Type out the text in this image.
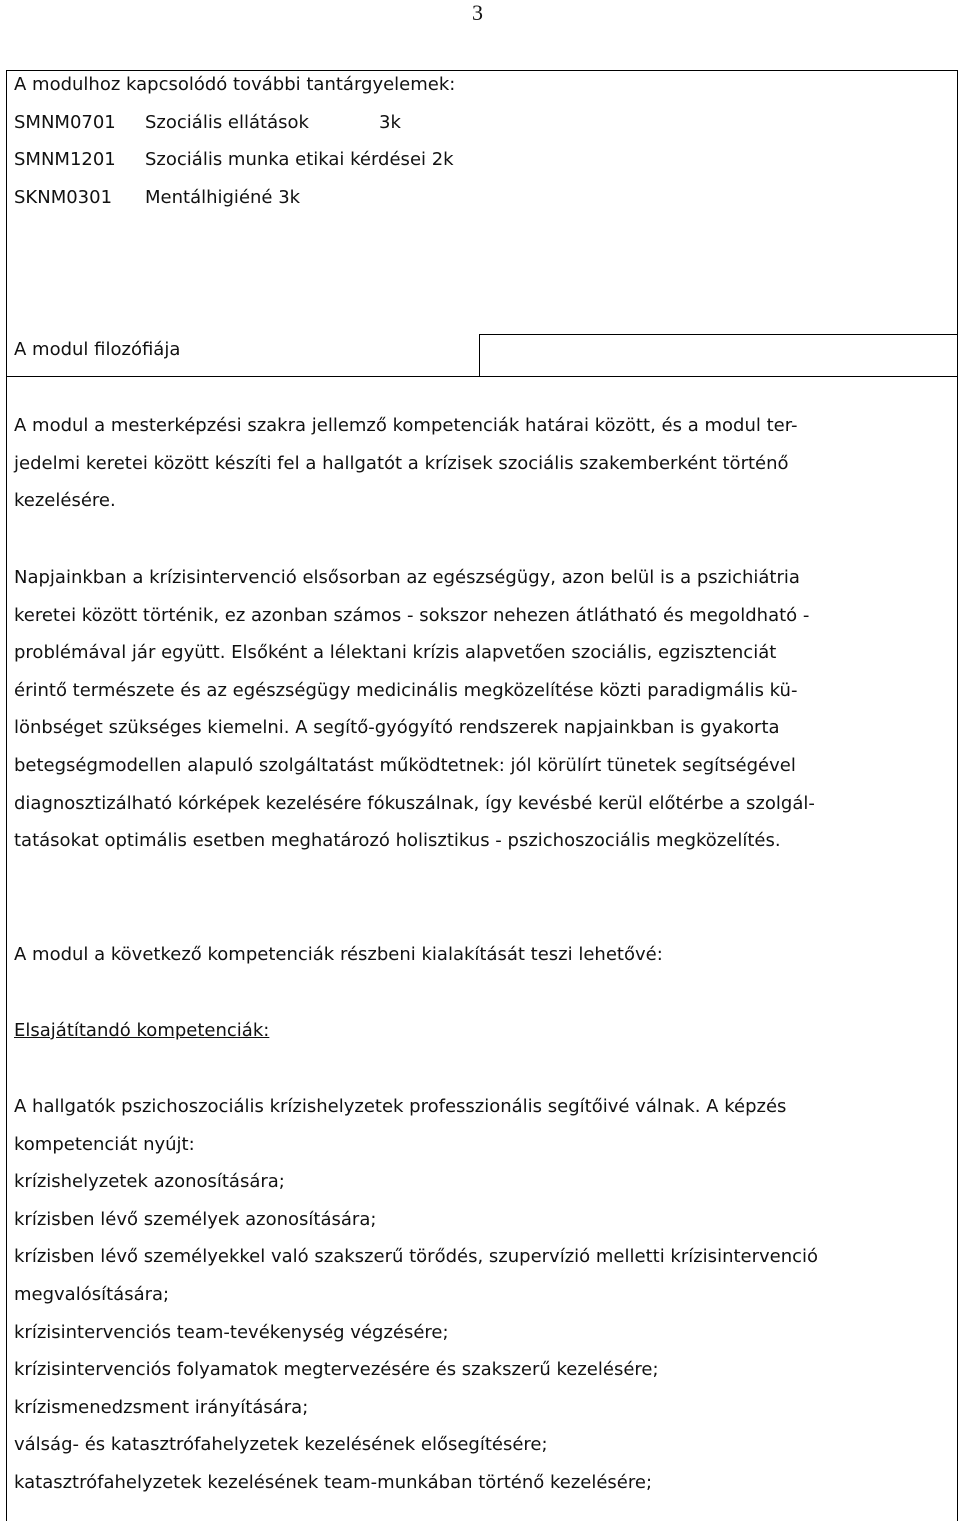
3
A modulhoz kapcsolódó további tantárgyelemek:
SMNM0701 Szociális ellátások	3k
SMNM1201 Szociális munka etikai kérdései 2k
SKNM0301 Mentálhigiéné 3k
A modul filozófiája
A modul a mesterképzési szakra jellemző kompetenciák határai között, és a modul ter-
jedelmi keretei között készíti fel a hallgatót a krízisek szociális szakemberként történő
kezelésére.
Napjainkban a krízisintervenció elsősorban az egészségügy, azon belül is a pszichiátria
keretei között történik, ez azonban számos - sokszor nehezen átlátható és megoldható -
problémával jár együtt. Elsőként a lélektani krízis alapvetően szociális, egzisztenciát
érintő természete és az egészségügy medicinális megközelítése közti paradigmális kü-
lönbséget szükséges kiemelni. A segítő-gyógyító rendszerek napjainkban is gyakorta
betegségmodellen alapuló szolgáltatást működtetnek: jól körülírt tünetek segítségével
diagnosztizálható kórképek kezelésére fókuszálnak, így kevésbé kerül előtérbe a szolgál-
tatásokat optimális esetben meghatározó holisztikus - pszichoszociális megközelítés.
A modul a következő kompetenciák részbeni kialakítását teszi lehetővé:
Elsajátítandó kompetenciák:
A hallgatók pszichoszociális krízishelyzetek professzionális segítőivé válnak. A képzés
kompetenciát nyújt:
krízishelyzetek azonosítására;
krízisben lévő személyek azonosítására;
krízisben lévő személyekkel való szakszerű törődés, szupervízió melletti krízisintervenció
megvalósítására;
krízisintervenciós team-tevékenység végzésére;
krízisintervenciós folyamatok megtervezésére és szakszerű kezelésére;
krízismenedzsment irányítására;
válság- és katasztrófahelyzetek kezelésének elősegítésére;
katasztrófahelyzetek kezelésének team-munkában történő kezelésére;
